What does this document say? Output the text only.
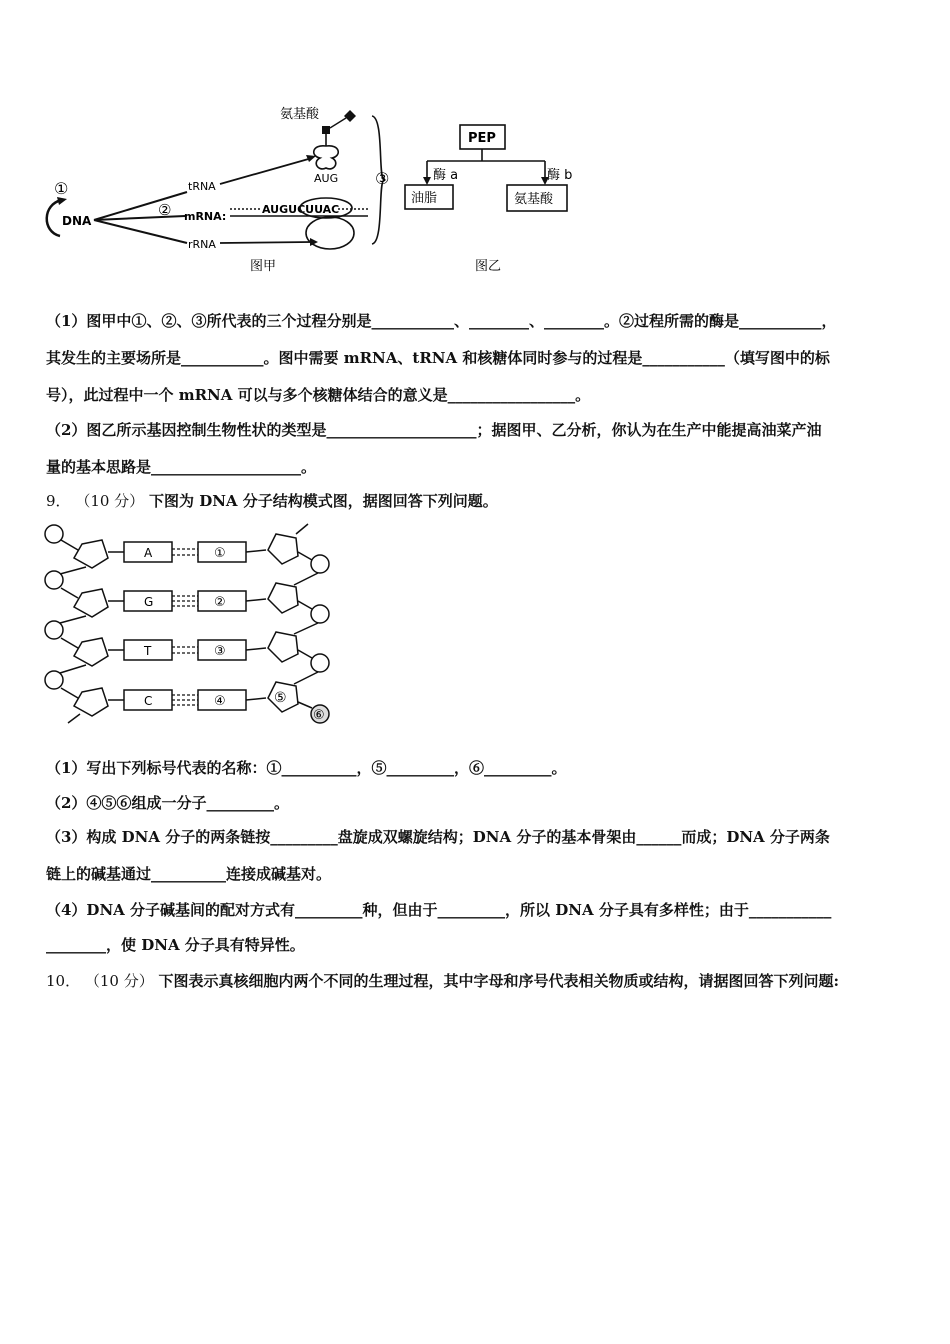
①
DNA
②
tRNA
mRNA:
rRNA
AUGUCUUAC
氨基酸
AUG ③
图甲
PEP
酶 a	酶 b
油脂	氨基酸
图乙
（1）图甲中①、②、③所代表的三个过程分别是___________、________、________。②过程所需的酶是___________，
其发生的主要场所是___________。图中需要 mRNA、tRNA 和核糖体同时参与的过程是___________（填写图中的标
号），此过程中一个 mRNA 可以与多个核糖体结合的意义是_________________。
（2）图乙所示基因控制生物性状的类型是____________________；据图甲、乙分析，你认为在生产中能提高油菜产油
量的基本思路是____________________。
9． （10 分） 下图为 DNA 分子结构模式图，据图回答下列问题。
A
G
T
C
①
②
③
④	⑤
⑥
（1）写出下列标号代表的名称：①__________，⑤_________，⑥_________。
（2）④⑤⑥组成一分子_________。
（3）构成 DNA 分子的两条链按_________盘旋成双螺旋结构；DNA 分子的基本骨架由______而成；DNA 分子两条
链上的碱基通过__________连接成碱基对。
（4）DNA 分子碱基间的配对方式有_________种，但由于_________，所以 DNA 分子具有多样性；由于___________
________，使 DNA 分子具有特异性。
10． （10 分） 下图表示真核细胞内两个不同的生理过程，其中字母和序号代表相关物质或结构，请据图回答下列问题:
